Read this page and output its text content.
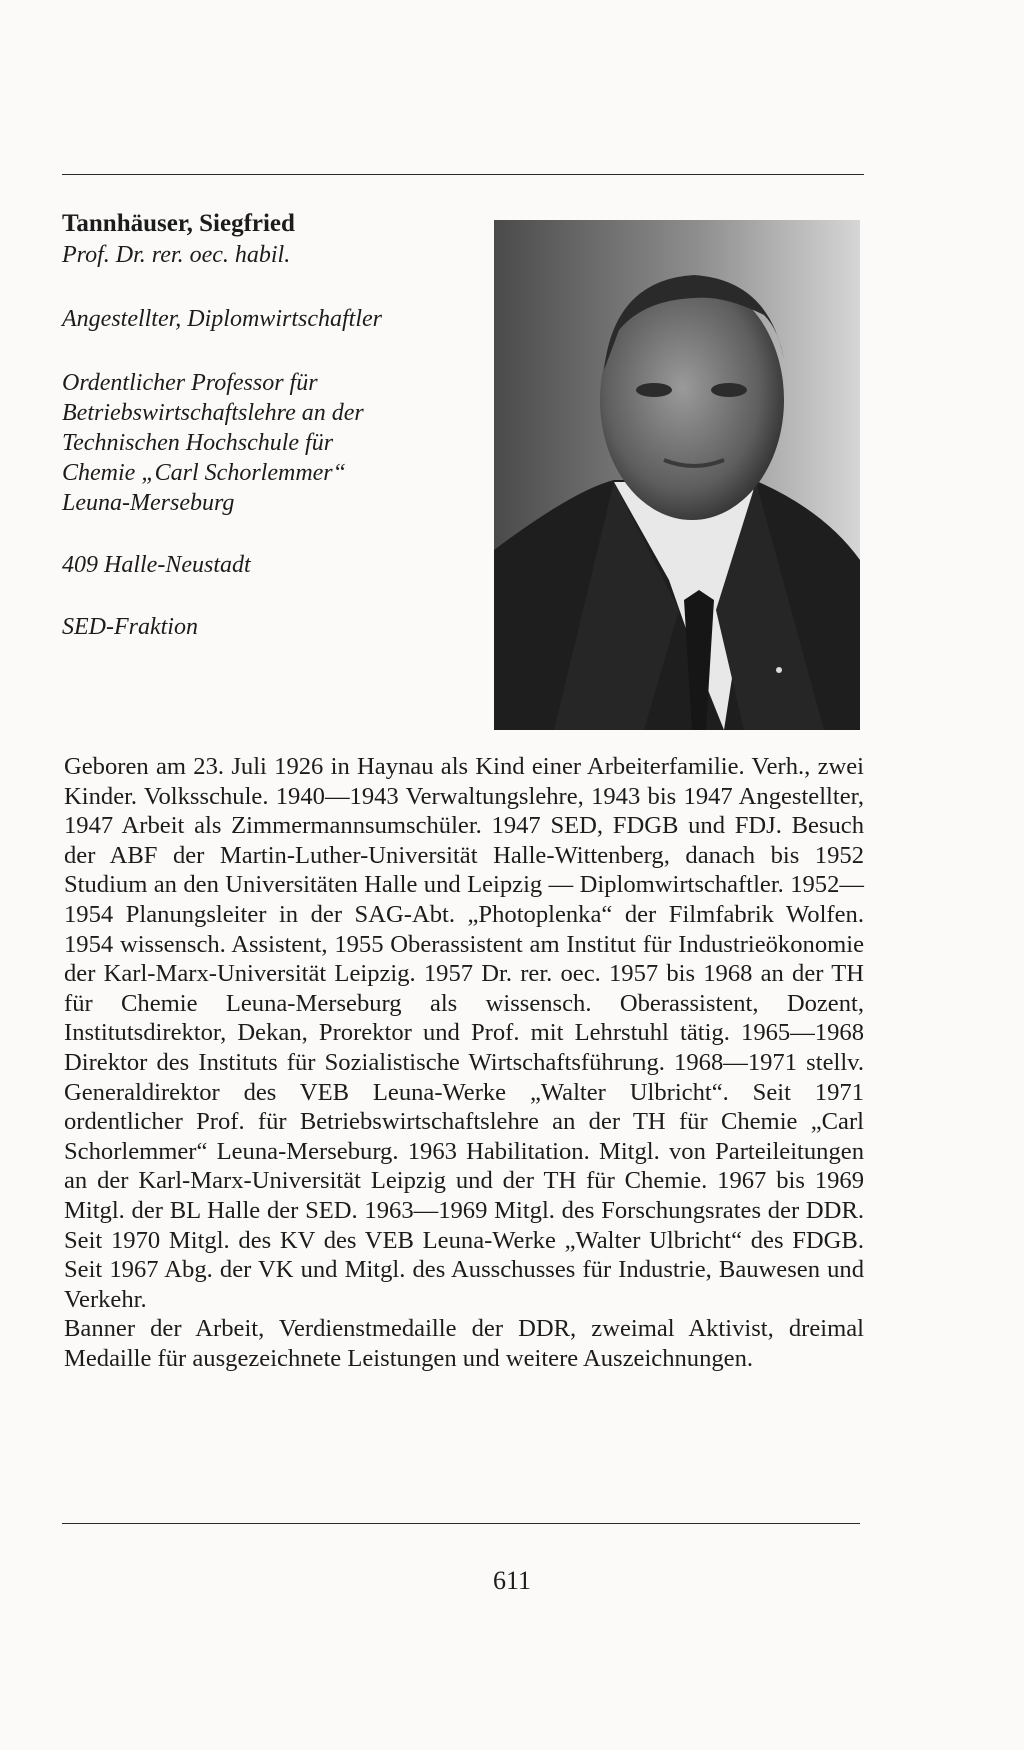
Tannhäuser, Siegfried

Prof. Dr. rer. oec. habil.

Angestellter, Diplomwirtschaftler

Ordentlicher Professor für

Betriebswirtschaftslehre an der

Technischen Hochschule für

Chemie „Carl Schorlemmer“

Leuna-Merseburg

409 Halle-Neustadt

SED-Fraktion

Geboren am 23. Juli 1926 in Haynau als Kind einer Arbeiterfamilie. Verh., zwei Kinder. Volksschule. 1940—1943 Verwaltungslehre, 1943 bis 1947 Angestellter, 1947 Arbeit als Zimmermannsumschüler. 1947 SED, FDGB und FDJ. Besuch der ABF der Martin-Luther-Universität Halle-Wittenberg, danach bis 1952 Studium an den Universitäten Halle und Leipzig — Diplomwirtschaftler. 1952—1954 Planungsleiter in der SAG-Abt. „Photoplenka“ der Filmfabrik Wolfen. 1954 wissensch. Assistent, 1955 Oberassistent am Institut für Industrieökonomie der Karl-Marx-Universität Leipzig. 1957 Dr. rer. oec. 1957 bis 1968 an der TH für Chemie Leuna-Merseburg als wissensch. Oberassistent, Dozent, Institutsdirektor, Dekan, Prorektor und Prof. mit Lehrstuhl tätig. 1965—1968 Direktor des Instituts für Sozialistische Wirtschaftsführung. 1968—1971 stellv. Generaldirektor des VEB Leuna-Werke „Walter Ulbricht“. Seit 1971 ordentlicher Prof. für Betriebswirtschaftslehre an der TH für Chemie „Carl Schorlemmer“ Leuna-Merseburg. 1963 Habilitation. Mitgl. von Parteileitungen an der Karl-Marx-Universität Leipzig und der TH für Chemie. 1967 bis 1969 Mitgl. der BL Halle der SED. 1963—1969 Mitgl. des Forschungsrates der DDR. Seit 1970 Mitgl. des KV des VEB Leuna-Werke „Walter Ulbricht“ des FDGB. Seit 1967 Abg. der VK und Mitgl. des Ausschusses für Industrie, Bauwesen und Verkehr.

Banner der Arbeit, Verdienstmedaille der DDR, zweimal Aktivist, dreimal Medaille für ausgezeichnete Leistungen und weitere Auszeichnungen.

611
